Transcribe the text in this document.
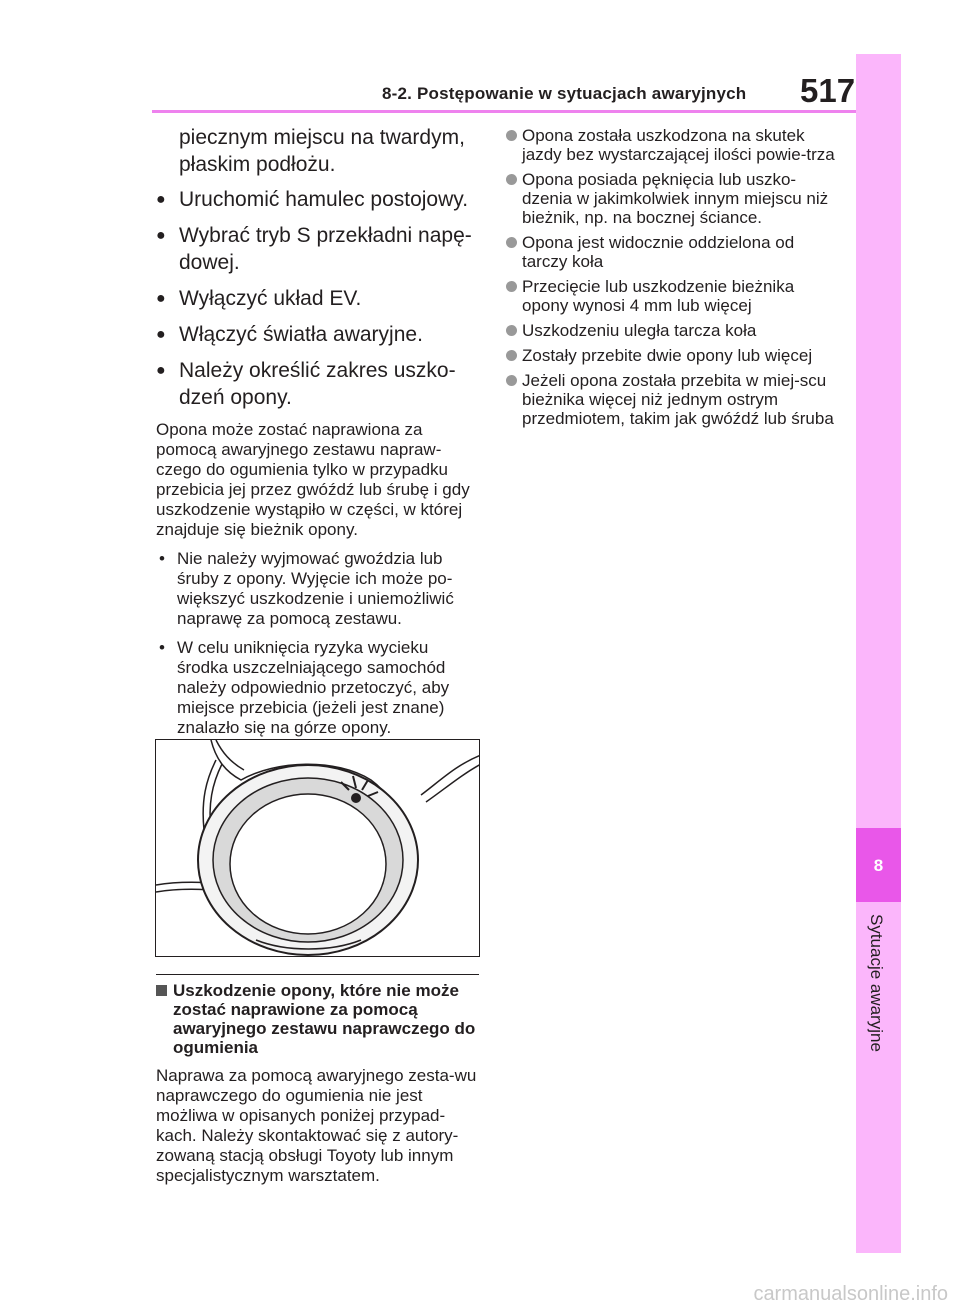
8-2. Postępowanie w sytuacjach awaryjnych 517
8
Sytuacje awaryjne
piecznym miejscu na twardym, płaskim podłożu.
● Uruchomić hamulec postojowy.
● Wybrać tryb S przekładni napę-dowej.
● Wyłączyć układ EV.
● Włączyć światła awaryjne.
● Należy określić zakres uszko-dzeń opony.
Opona może zostać naprawiona za pomocą awaryjnego zestawu napraw-czego do ogumienia tylko w przypadku przebicia jej przez gwóźdź lub śrubę i gdy uszkodzenie wystąpiło w części, w której znajduje się bieżnik opony.
• Nie należy wyjmować gwoździa lub śruby z opony. Wyjęcie ich może po-większyć uszkodzenie i uniemożliwić naprawę za pomocą zestawu.
• W celu uniknięcia ryzyka wycieku środka uszczelniającego samochód należy odpowiednio przetoczyć, aby miejsce przebicia (jeżeli jest znane) znalazło się na górze opony.
Uszkodzenie opony, które nie może zostać naprawione za pomocą awaryjnego zestawu naprawczego do ogumienia
Naprawa za pomocą awaryjnego zesta-wu naprawczego do ogumienia nie jest możliwa w opisanych poniżej przypad-kach. Należy skontaktować się z autory-zowaną stacją obsługi Toyoty lub innym specjalistycznym warsztatem.
Opona została uszkodzona na skutek jazdy bez wystarczającej ilości powie-trza
Opona posiada pęknięcia lub uszko-dzenia w jakimkolwiek innym miejscu niż bieżnik, np. na bocznej ściance.
Opona jest widocznie oddzielona od tarczy koła
Przecięcie lub uszkodzenie bieżnika opony wynosi 4 mm lub więcej
Uszkodzeniu uległa tarcza koła
Zostały przebite dwie opony lub więcej
Jeżeli opona została przebita w miej-scu bieżnika więcej niż jednym ostrym przedmiotem, takim jak gwóźdź lub śruba
carmanualsonline.info
